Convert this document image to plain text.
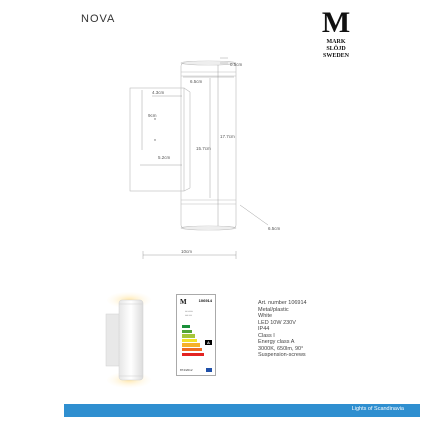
NOVA	M
MARK
SLÖJD
SWEDEN
0.5cm
6.5cm
4.3cm
9cm
15.7cm
17.7cm
5.2cm
6.5cm
10cm
M	106914
▪▪▪ ▪▪▪▪▪
▪▪▪▪ ▪▪▪
A
874/2012
Art. number 106914
Metal/plastic
White
LED 10W 230V
IP44
Class I
Energy class A
3000K, 650lm, 90°
Suspension-screws
Lights of Scandinavia
